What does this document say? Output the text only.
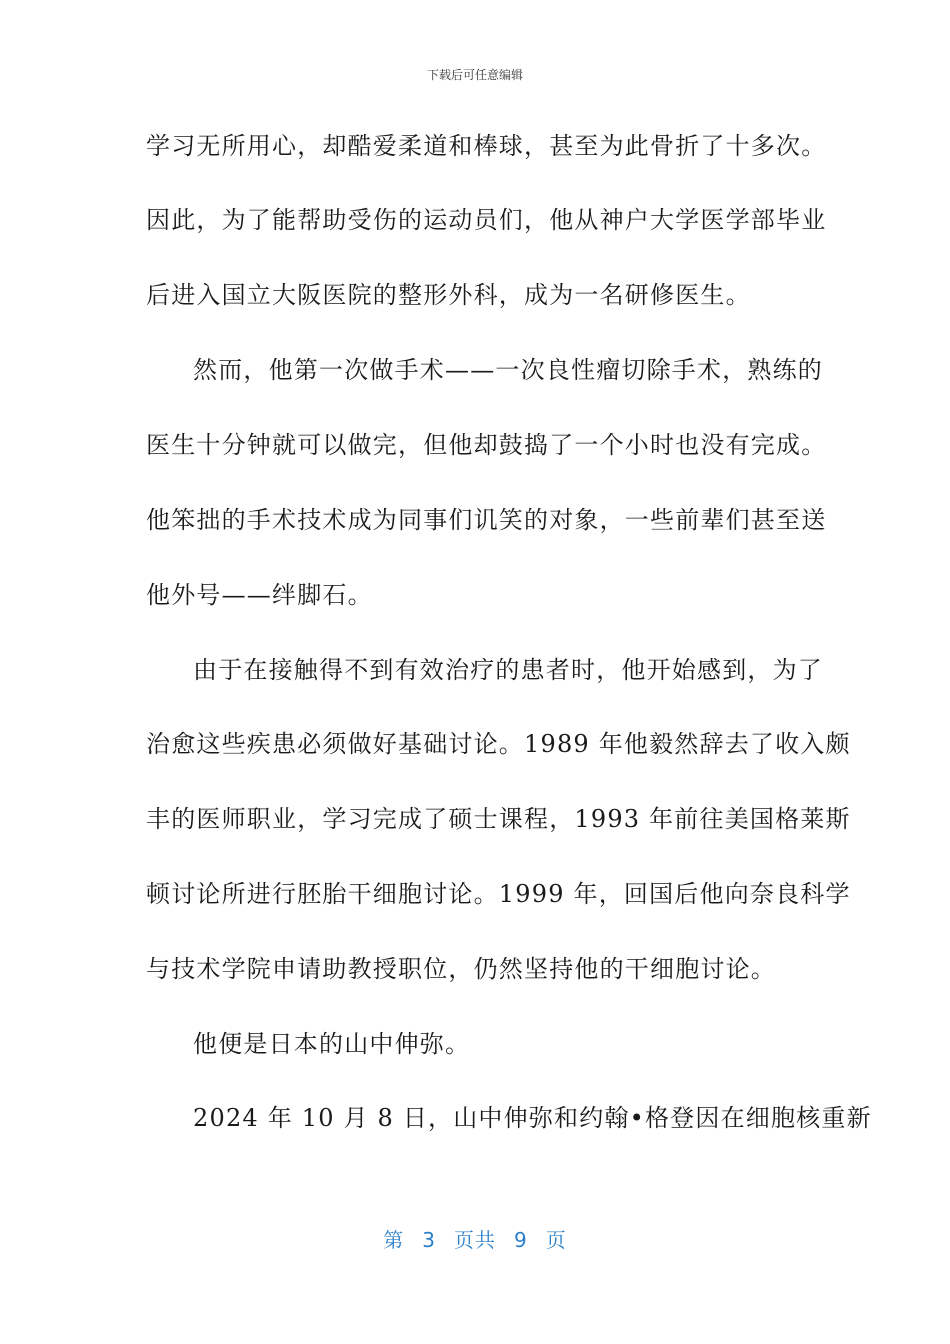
下载后可任意编辑
学习无所用心，却酷爱柔道和棒球，甚至为此骨折了十多次。
因此，为了能帮助受伤的运动员们，他从神户大学医学部毕业
后进入国立大阪医院的整形外科，成为一名研修医生。
然而，他第一次做手术——一次良性瘤切除手术，熟练的
医生十分钟就可以做完，但他却鼓捣了一个小时也没有完成。
他笨拙的手术技术成为同事们讥笑的对象，一些前辈们甚至送
他外号——绊脚石。
由于在接触得不到有效治疗的患者时，他开始感到，为了
治愈这些疾患必须做好基础讨论。1989 年他毅然辞去了收入颇
丰的医师职业，学习完成了硕士课程，1993 年前往美国格莱斯
顿讨论所进行胚胎干细胞讨论。1999 年，回国后他向奈良科学
与技术学院申请助教授职位，仍然坚持他的干细胞讨论。
他便是日本的山中伸弥。
2024 年 10 月 8 日，山中伸弥和约翰•格登因在细胞核重新
第 3 页共 9 页
